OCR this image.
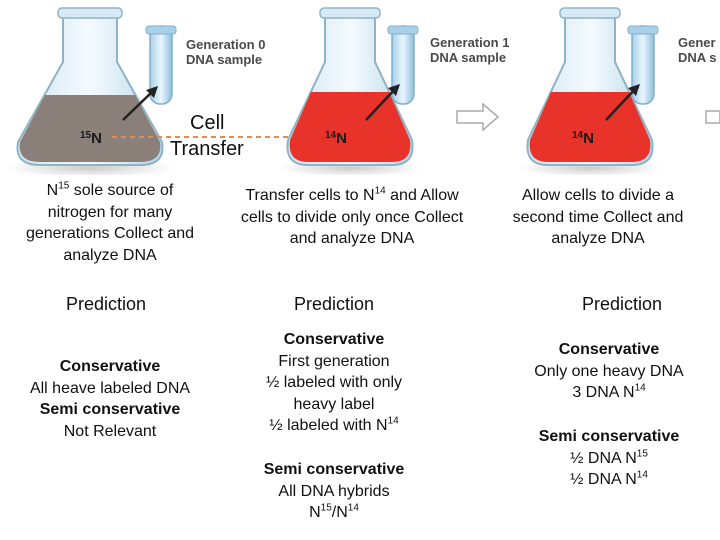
$^{15}$N
Generation 0
DNA sample
$^{14}$N
Generation 1
DNA sample
$^{14}$N
Gener
DNA s
Cell
Transfer
$N^{15}$ sole source of nitrogen for many generations Collect and analyze DNA
Prediction
Conservative
All heave labeled DNA
Semi conservative
Not Relevant
Transfer cells to $N^{14}$ and Allow cells to divide only once Collect and analyze DNA
Prediction
Conservative
First generation
½ labeled with only heavy label
½ labeled with $N^{14}$
Semi conservative
All DNA hybrids
$N^{15}/N^{14}$
Allow cells to divide a second time Collect and analyze DNA
Prediction
Conservative
Only one heavy DNA
3 DNA $N^{14}$
Semi conservative
½ DNA $N^{15}$
½ DNA $N^{14}$
